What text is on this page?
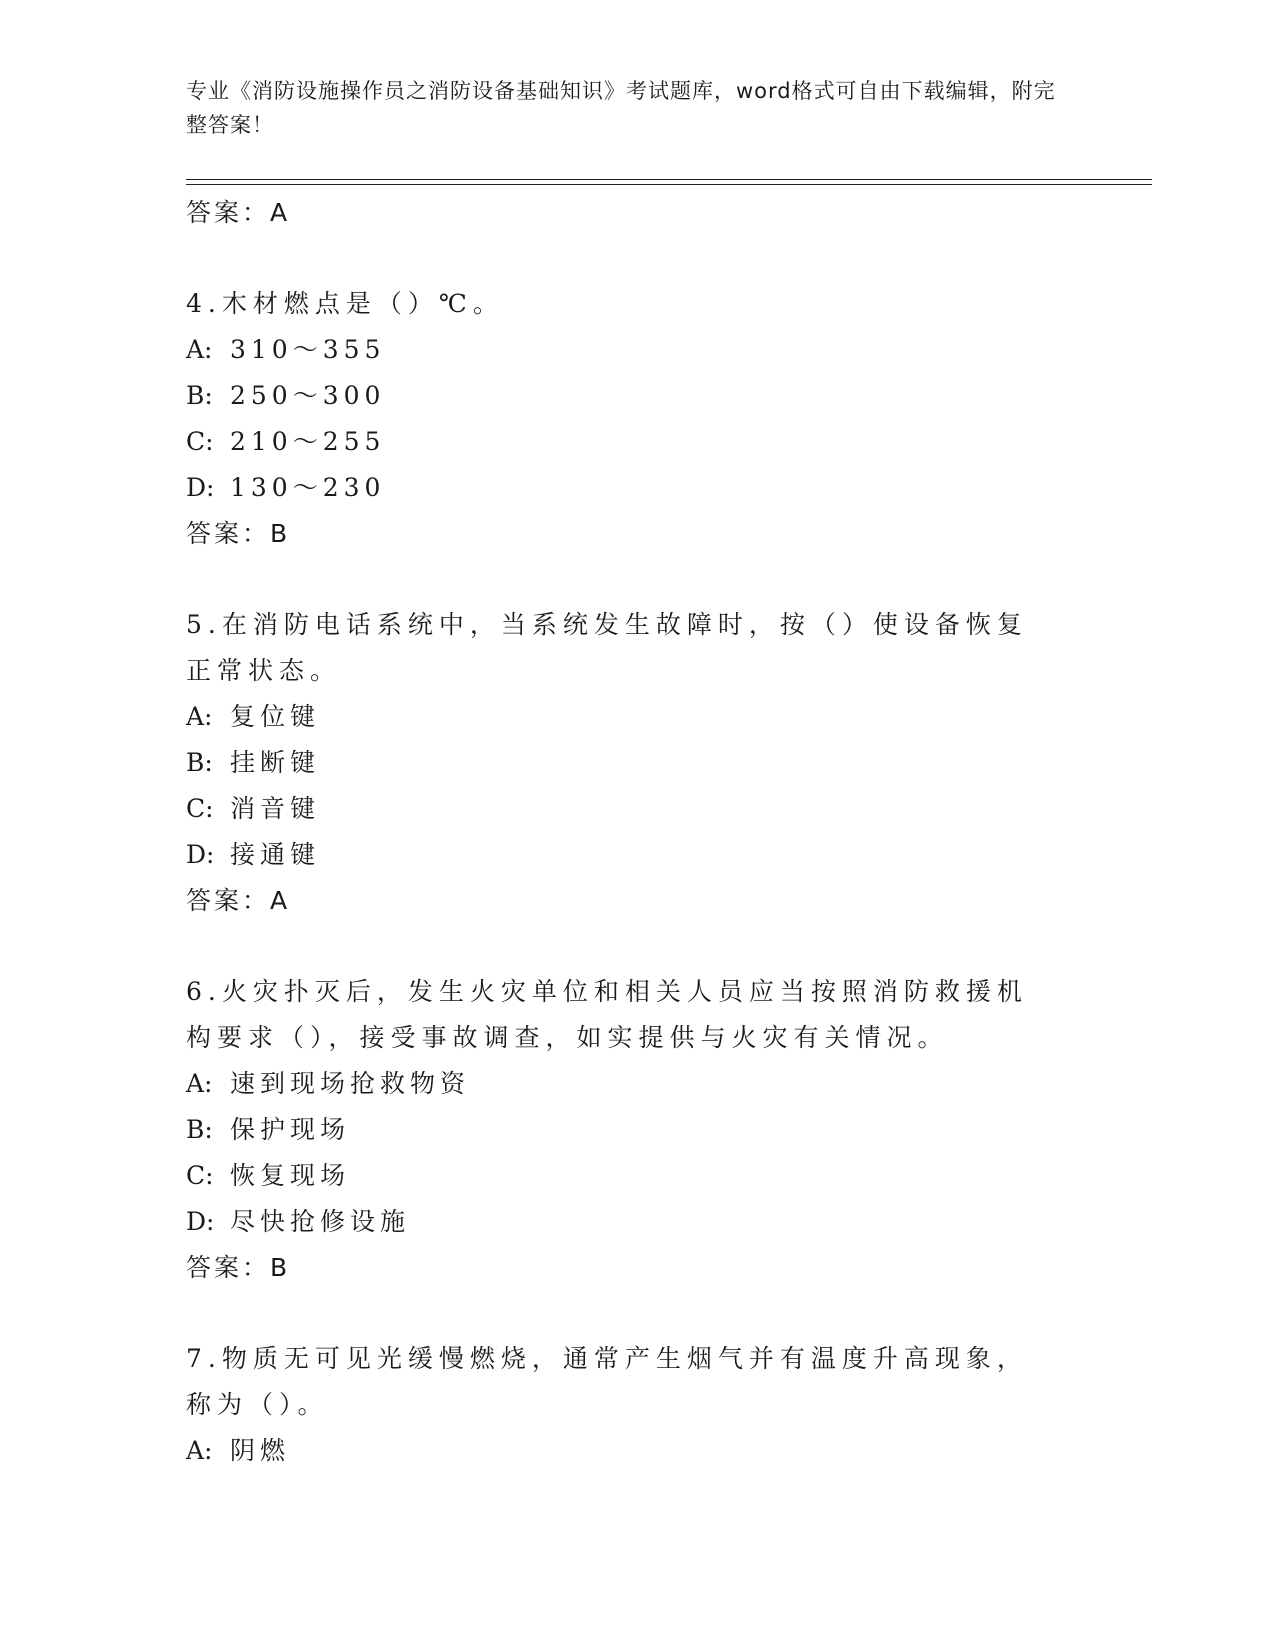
专业《消防设施操作员之消防设备基础知识》考试题库，word格式可自由下载编辑，附完整答案！
答案：A
4.木材燃点是（）℃。
A: 310～355
B: 250～300
C: 210～255
D: 130～230
答案：B
5.在消防电话系统中，当系统发生故障时，按（）使设备恢复正常状态。
A: 复位键
B: 挂断键
C: 消音键
D: 接通键
答案：A
6.火灾扑灭后，发生火灾单位和相关人员应当按照消防救援机构要求（），接受事故调查，如实提供与火灾有关情况。
A: 速到现场抢救物资
B: 保护现场
C: 恢复现场
D: 尽快抢修设施
答案：B
7.物质无可见光缓慢燃烧，通常产生烟气并有温度升高现象，称为（）。
A: 阴燃
